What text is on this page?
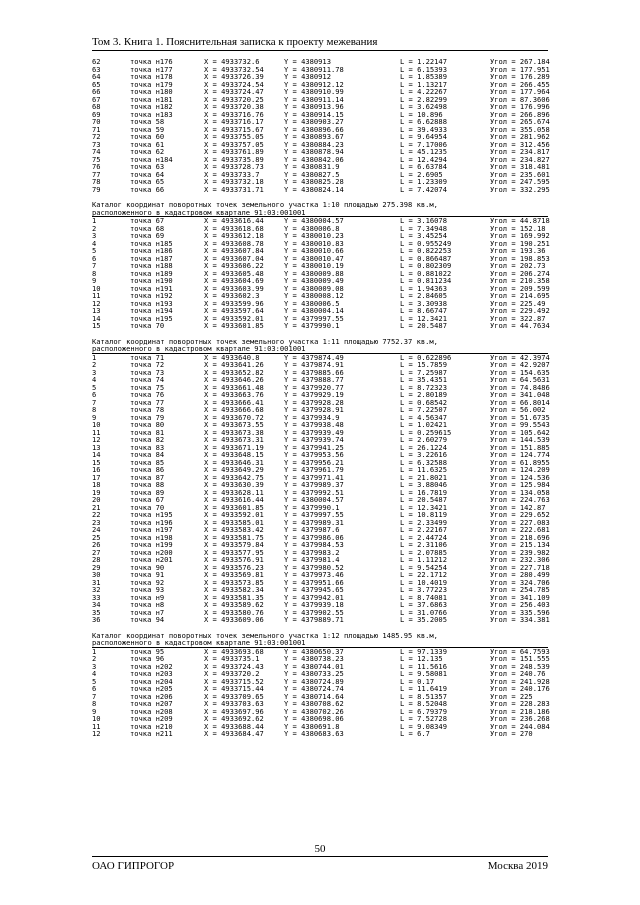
Том 3. Книга 1. Пояснительная записка к проекту межевания
62	точка н176	X = 4933732.6	Y = 4380913	L = 1.22147	Угол = 267.184
63	точка н177	X = 4933732.54	Y = 4380911.78	L = 6.15393	Угол = 177.951
64	точка н178	X = 4933726.39	Y = 4380912	L = 1.85389	Угол = 176.289
65	точка н179	X = 4933724.54	Y = 4380912.12	L = 1.13217	Угол = 266.455
66	точка н180	X = 4933724.47	Y = 4380910.99	L = 4.22267	Угол = 177.964
67	точка н181	X = 4933720.25	Y = 4380911.14	L = 2.82299	Угол = 87.3606
68	точка н182	X = 4933720.38	Y = 4380913.96	L = 3.62498	Угол = 176.996
69	точка н183	X = 4933716.76	Y = 4380914.15	L = 10.896	Угол = 266.896
70	точка 58	X = 4933716.17	Y = 4380903.27	L = 6.62888	Угол = 265.674
71	точка 59	X = 4933715.67	Y = 4380896.66	L = 39.4933	Угол = 355.058
72	точка 60	X = 4933755.05	Y = 4380893.67	L = 9.64954	Угол = 281.962
73	точка 61	X = 4933757.05	Y = 4380884.23	L = 7.17006	Угол = 312.456
74	точка 62	X = 4933761.89	Y = 4380878.94	L = 45.1235	Угол = 234.817
75	точка н184	X = 4933735.89	Y = 4380842.06	L = 12.4294	Угол = 234.827
76	точка 63	X = 4933728.73	Y = 4380831.9	L = 6.63784	Угол = 318.481
77	точка 64	X = 4933733.7	Y = 4380827.5	L = 2.6905	Угол = 235.601
78	точка 65	X = 4933732.18	Y = 4380825.28	L = 1.23309	Угол = 247.595
79	точка 66	X = 4933731.71	Y = 4380824.14	L = 7.42074	Угол = 332.295
Каталог координат поворотных точек земельного участка 1:10 площадью 275.398 кв.м,
расположенного в кадастровом квартале 91:03:001001
1	точка 67	X = 4933616.44	Y = 4380004.57	L = 3.16078	Угол = 44.8718
2	точка 68	X = 4933618.68	Y = 4380006.8	L = 7.34948	Угол = 152.18
3	точка 69	X = 4933612.18	Y = 4380010.23	L = 3.45254	Угол = 169.992
4	точка н185	X = 4933608.78	Y = 4380010.83	L = 0.955249	Угол = 190.251
5	точка н186	X = 4933607.84	Y = 4380010.66	L = 0.822253	Угол = 193.36
6	точка н187	X = 4933607.04	Y = 4380010.47	L = 0.866487	Угол = 198.853
7	точка н188	X = 4933606.22	Y = 4380010.19	L = 0.802309	Угол = 202.73
8	точка н189	X = 4933605.48	Y = 4380009.88	L = 0.881022	Угол = 206.274
9	точка н190	X = 4933604.69	Y = 4380009.49	L = 0.811234	Угол = 210.358
10	точка н191	X = 4933603.99	Y = 4380009.08	L = 1.94363	Угол = 209.599
11	точка н192	X = 4933602.3	Y = 4380008.12	L = 2.84605	Угол = 214.695
12	точка н193	X = 4933599.96	Y = 4380006.5	L = 3.30938	Угол = 225.49
13	точка н194	X = 4933597.64	Y = 4380004.14	L = 8.66747	Угол = 229.492
14	точка н195	X = 4933592.01	Y = 4379997.55	L = 12.3421	Угол = 322.87
15	точка 70	X = 4933601.85	Y = 4379990.1	L = 20.5487	Угол = 44.7634
Каталог координат поворотных точек земельного участка 1:11 площадью 7752.37 кв.м,
расположенного в кадастровом квартале 91:03:001001
1	точка 71	X = 4933640.8	Y = 4379874.49	L = 0.622896	Угол = 42.3974
2	точка 72	X = 4933641.26	Y = 4379874.91	L = 15.7859	Угол = 42.9207
3	точка 73	X = 4933652.82	Y = 4379885.66	L = 7.25987	Угол = 154.635
4	точка 74	X = 4933646.26	Y = 4379888.77	L = 35.4351	Угол = 64.5631
5	точка 75	X = 4933661.48	Y = 4379920.77	L = 8.72323	Угол = 74.8486
6	точка 76	X = 4933663.76	Y = 4379929.19	L = 2.80189	Угол = 341.048
7	точка 77	X = 4933666.41	Y = 4379928.28	L = 0.68542	Угол = 66.8014
8	точка 78	X = 4933666.68	Y = 4379928.91	L = 7.22507	Угол = 56.002
9	точка 79	X = 4933670.72	Y = 4379934.9	L = 4.56347	Угол = 51.6735
10	точка 80	X = 4933673.55	Y = 4379938.48	L = 1.02421	Угол = 99.5543
11	точка 81	X = 4933673.38	Y = 4379939.49	L = 0.259615	Угол = 105.642
12	точка 82	X = 4933673.31	Y = 4379939.74	L = 2.60279	Угол = 144.539
13	точка 83	X = 4933671.19	Y = 4379941.25	L = 26.1224	Угол = 151.885
14	точка 84	X = 4933648.15	Y = 4379953.56	L = 3.22616	Угол = 124.774
15	точка 85	X = 4933646.31	Y = 4379956.21	L = 6.32588	Угол = 61.8955
16	точка 86	X = 4933649.29	Y = 4379961.79	L = 11.6325	Угол = 124.209
17	точка 87	X = 4933642.75	Y = 4379971.41	L = 21.8021	Угол = 124.536
18	точка 88	X = 4933630.39	Y = 4379989.37	L = 3.88046	Угол = 125.984
19	точка 89	X = 4933628.11	Y = 4379992.51	L = 16.7819	Угол = 134.058
20	точка 67	X = 4933616.44	Y = 4380004.57	L = 20.5487	Угол = 224.763
21	точка 70	X = 4933601.85	Y = 4379990.1	L = 12.3421	Угол = 142.87
22	точка н195	X = 4933592.01	Y = 4379997.55	L = 10.8119	Угол = 229.652
23	точка н196	X = 4933585.01	Y = 4379989.31	L = 2.33499	Угол = 227.083
24	точка н197	X = 4933583.42	Y = 4379987.6	L = 2.22167	Угол = 222.681
25	точка н198	X = 4933581.75	Y = 4379986.06	L = 2.44724	Угол = 218.696
26	точка н199	X = 4933579.84	Y = 4379984.53	L = 2.31106	Угол = 215.134
27	точка н200	X = 4933577.95	Y = 4379983.2	L = 2.07885	Угол = 239.982
28	точка н201	X = 4933576.91	Y = 4379981.4	L = 1.11212	Угол = 232.306
29	точка 90	X = 4933576.23	Y = 4379980.52	L = 9.54254	Угол = 227.718
30	точка 91	X = 4933569.81	Y = 4379973.46	L = 22.1712	Угол = 280.499
31	точка 92	X = 4933573.85	Y = 4379951.66	L = 10.4019	Угол = 324.706
32	точка 93	X = 4933582.34	Y = 4379945.65	L = 3.77223	Угол = 254.785
33	точка н9	X = 4933581.35	Y = 4379942.01	L = 8.74081	Угол = 341.109
34	точка н8	X = 4933589.62	Y = 4379939.18	L = 37.6863	Угол = 256.403
35	точка н7	X = 4933580.76	Y = 4379902.55	L = 31.0766	Угол = 335.596
36	точка 94	X = 4933609.06	Y = 4379889.71	L = 35.2005	Угол = 334.381
Каталог координат поворотных точек земельного участка 1:12 площадью 1485.95 кв.м,
расположенного в кадастровом квартале 91:03:001001
1	точка 95	X = 4933693.68	Y = 4380650.37	L = 97.1339	Угол = 64.7593
2	точка 96	X = 4933735.1	Y = 4380738.23	L = 12.135	Угол = 151.555
3	точка н202	X = 4933724.43	Y = 4380744.01	L = 11.5616	Угол = 248.539
4	точка н203	X = 4933720.2	Y = 4380733.25	L = 9.58081	Угол = 240.76
5	точка н204	X = 4933715.52	Y = 4380724.89	L = 0.17	Угол = 241.928
6	точка н205	X = 4933715.44	Y = 4380724.74	L = 11.6419	Угол = 240.176
7	точка н206	X = 4933709.65	Y = 4380714.64	L = 8.51357	Угол = 225
8	точка н207	X = 4933703.63	Y = 4380708.62	L = 8.52048	Угол = 228.283
9	точка н208	X = 4933697.96	Y = 4380702.26	L = 6.79379	Угол = 218.186
10	точка н209	X = 4933692.62	Y = 4380698.06	L = 7.52728	Угол = 236.268
11	точка н210	X = 4933688.44	Y = 4380691.8	L = 9.08349	Угол = 244.084
12	точка н211	X = 4933684.47	Y = 4380683.63	L = 6.7	Угол = 270
50
ОАО ГИПРОГОР	Москва 2019
